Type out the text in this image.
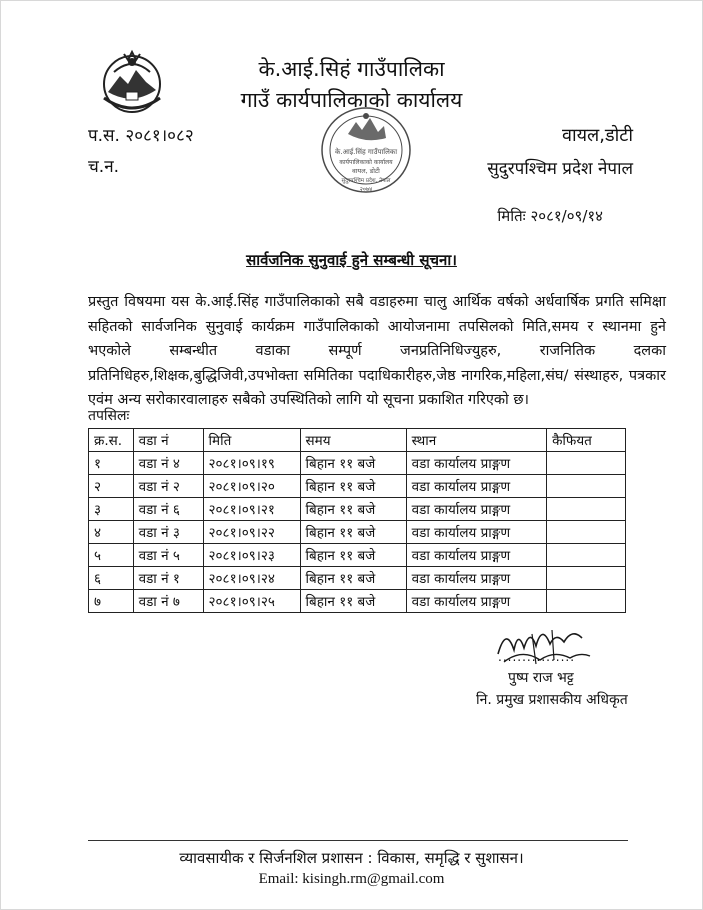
के.आई.सिहं गाउँपालिका
गाउँ कार्यपालिकाको कार्यालय
प.स. २०८१।०८२
च.न.
वायल,डोटी
सुदुरपश्चिम प्रदेश नेपाल
के.आई.सिंह गाउँपालिका
कार्यपालिकाको कार्यालय
वायल, डोटी
सुदुरपश्चिम प्रदेश, नेपाल
२०७४
मितिः २०८१/०९/१४
सार्वजनिक सुनुवाई हुने सम्बन्धी सूचना।
प्रस्तुत विषयमा यस के.आई.सिंह गाउँपालिकाको सबै वडाहरुमा चालु आर्थिक वर्षको अर्धवार्षिक प्रगति समिक्षा सहितको सार्वजनिक सुनुवाई कार्यक्रम गाउँपालिकाको आयोजनामा तपसिलको मिति,समय र स्थानमा हुने भएकोले सम्बन्धीत वडाका सम्पूर्ण जनप्रतिनिधिज्युहरु, राजनितिक दलका प्रतिनिधिहरु,शिक्षक,बुद्धिजिवी,उपभोक्ता समितिका पदाधिकारीहरु,जेष्ठ नागरिक,महिला,संघ/ संस्थाहरु, पत्रकार एवंम अन्य सरोकारवालाहरु सबैको उपस्थितिको लागि यो सूचना प्रकाशित गरिएको छ।
तपसिलः
क्र.स.	वडा नं	मिति	समय	स्थान	कैफियत
१	वडा नं ४	२०८१।०९।१९	बिहान ११ बजे	वडा कार्यालय प्राङ्गण	
२	वडा नं २	२०८१।०९।२०	बिहान ११ बजे	वडा कार्यालय प्राङ्गण	
३	वडा नं ६	२०८१।०९।२१	बिहान ११ बजे	वडा कार्यालय प्राङ्गण	
४	वडा नं ३	२०८१।०९।२२	बिहान ११ बजे	वडा कार्यालय प्राङ्गण	
५	वडा नं ५	२०८१।०९।२३	बिहान ११ बजे	वडा कार्यालय प्राङ्गण	
६	वडा नं १	२०८१।०९।२४	बिहान ११ बजे	वडा कार्यालय प्राङ्गण	
७	वडा नं ७	२०८१।०९।२५	बिहान ११ बजे	वडा कार्यालय प्राङ्गण	
................
पुष्प राज भट्ट
नि. प्रमुख प्रशासकीय अधिकृत
व्यावसायीक र सिर्जनशिल प्रशासन : विकास, समृद्धि र सुशासन।
Email: kisingh.rm@gmail.com
